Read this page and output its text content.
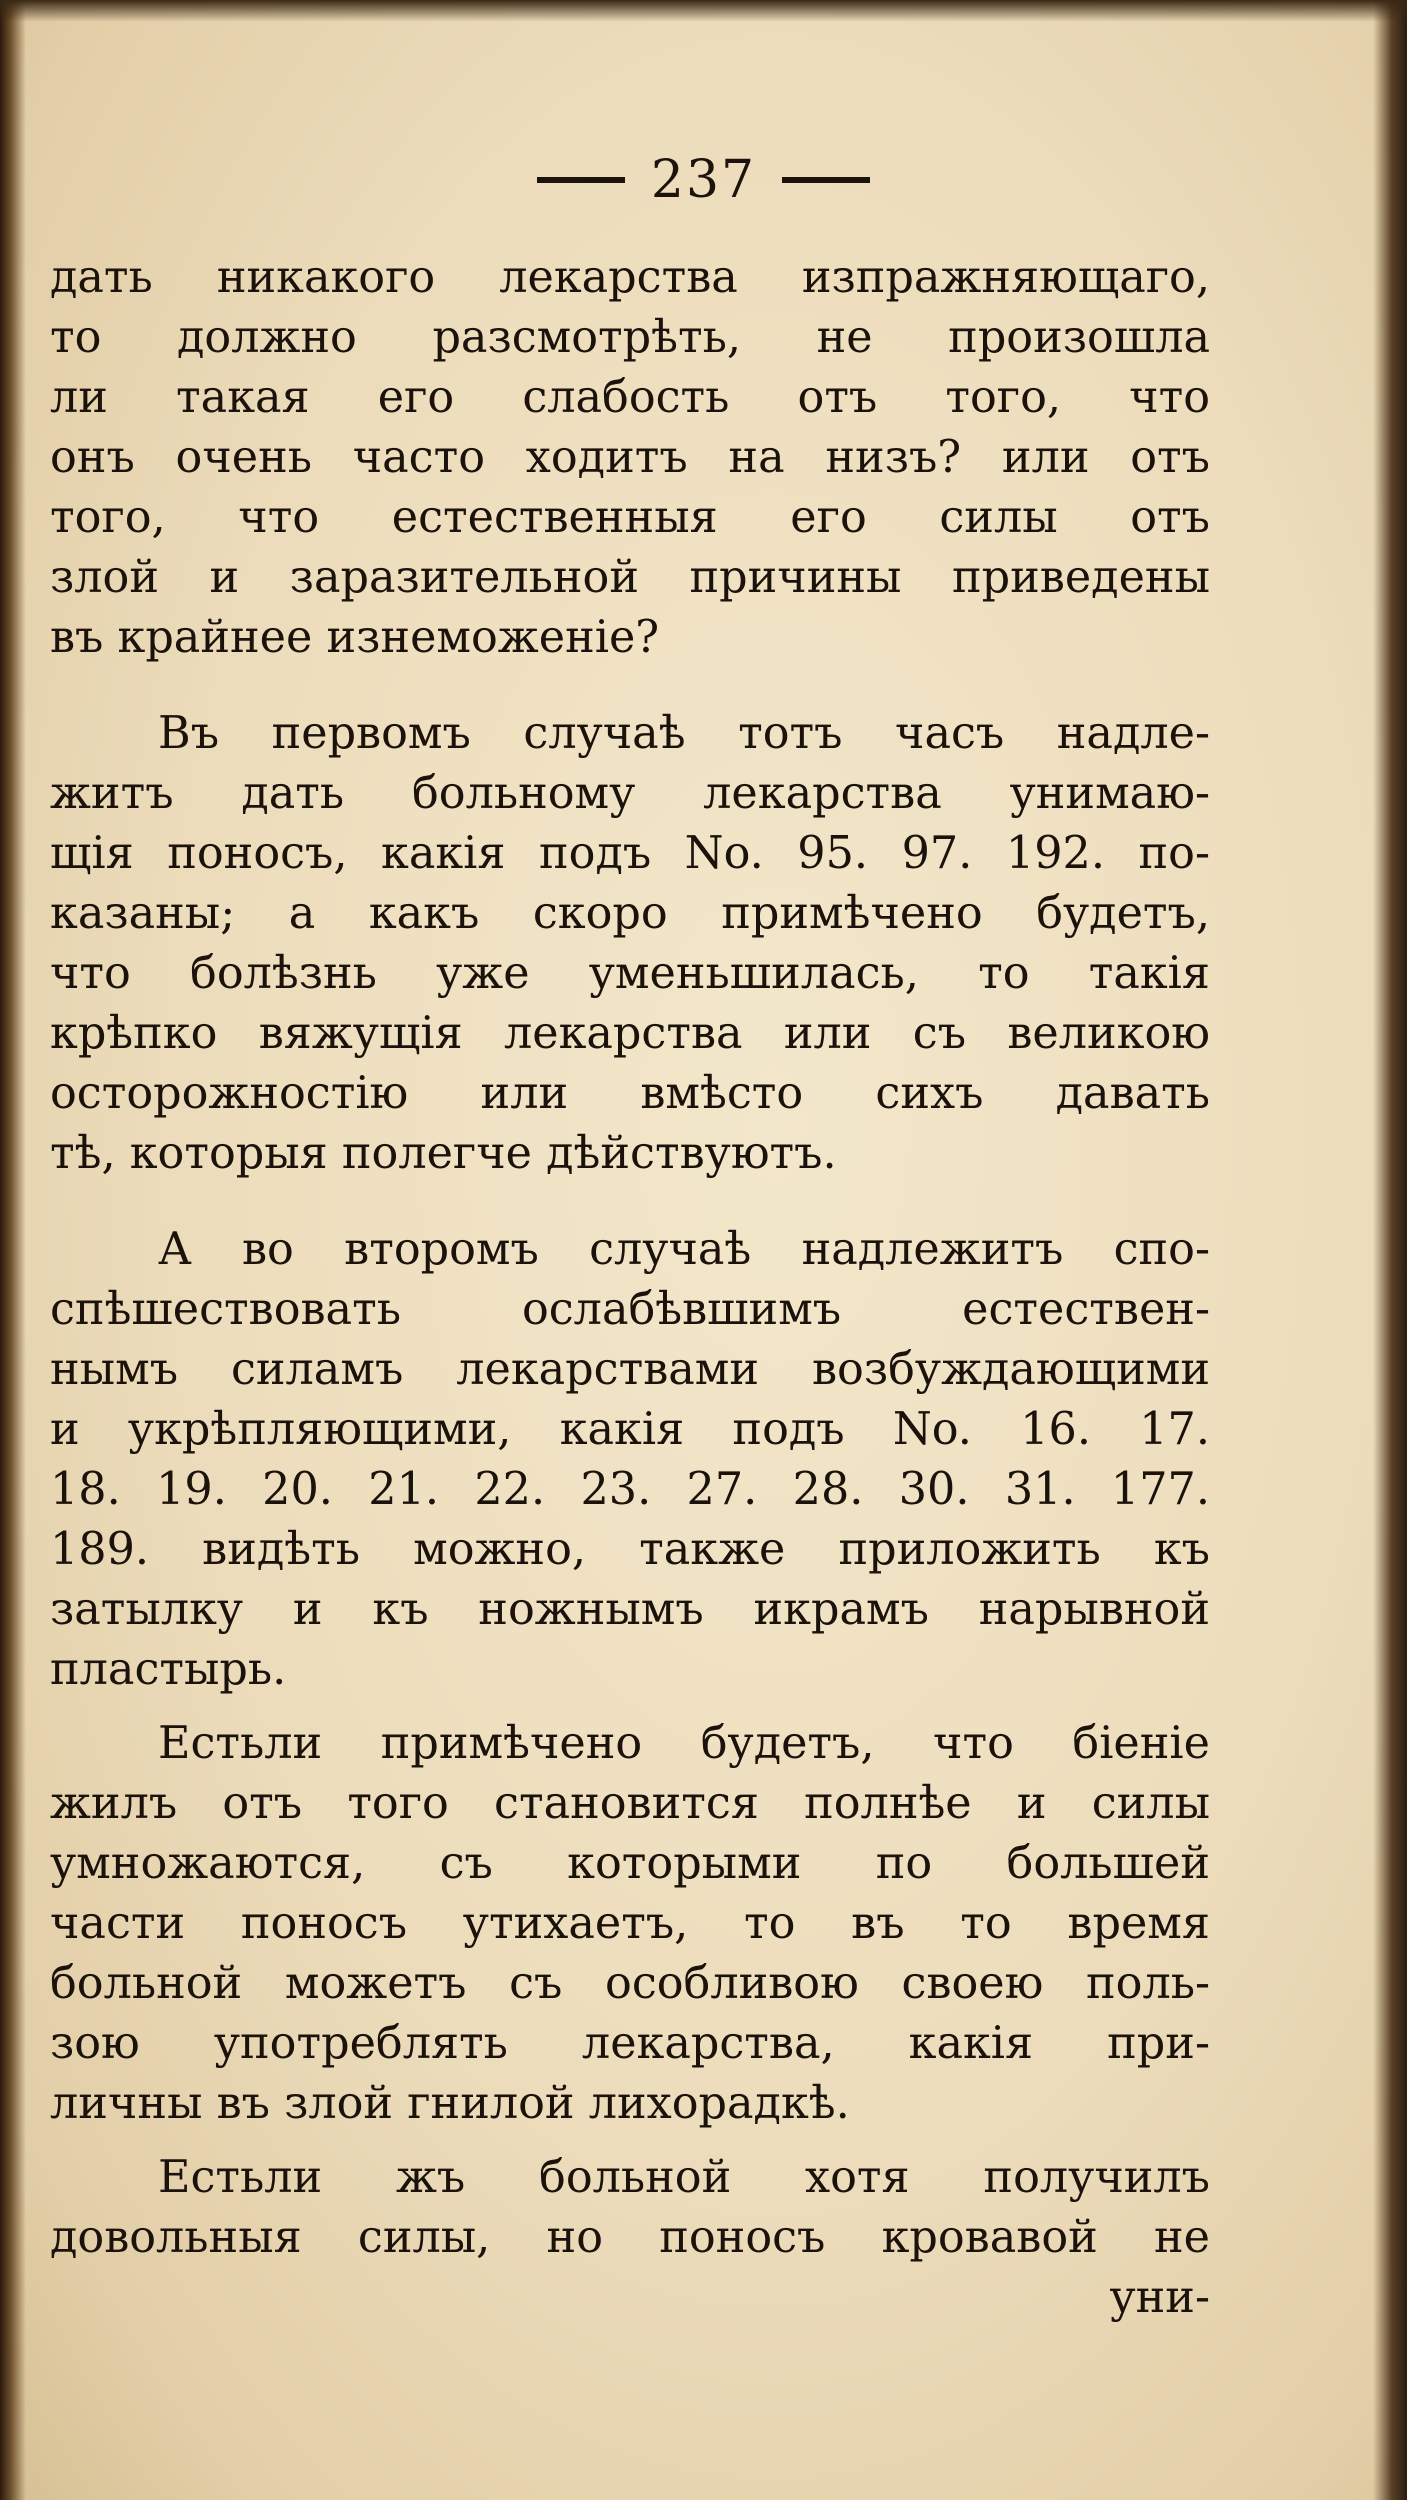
237
дать никакого лекарства изпражняющаго,
то должно разсмотрѣть, не произошла
ли такая его слабость отъ того, что
онъ очень часто ходитъ на низъ? или отъ
того, что естественныя его силы отъ
злой и заразительной причины приведены
въ крайнее изнеможеніе?
Въ первомъ случаѣ тотъ часъ надле-
житъ дать больному лекарства унимаю-
щія поносъ, какія подъ No. 95. 97. 192. по-
казаны; а какъ скоро примѣчено будетъ,
что болѣзнь уже уменьшилась, то такія
крѣпко вяжущія лекарства или съ великою
осторожностію или вмѣсто сихъ давать
тѣ, которыя полегче дѣйствуютъ.
А во второмъ случаѣ надлежитъ спо-
спѣшествовать ослабѣвшимъ естествен-
нымъ силамъ лекарствами возбуждающими
и укрѣпляющими, какія подъ No. 16. 17.
18. 19. 20. 21. 22. 23. 27. 28. 30. 31. 177.
189. видѣть можно, также приложить къ
затылку и къ ножнымъ икрамъ нарывной
пластырь.
Естьли примѣчено будетъ, что біеніе
жилъ отъ того становится полнѣе и силы
умножаются, съ которыми по большей
части поносъ утихаетъ, то въ то время
больной можетъ съ особливою своею поль-
зою употреблять лекарства, какія при-
личны въ злой гнилой лихорадкѣ.
Естьли жъ больной хотя получилъ
довольныя силы, но поносъ кровавой не
уни-
